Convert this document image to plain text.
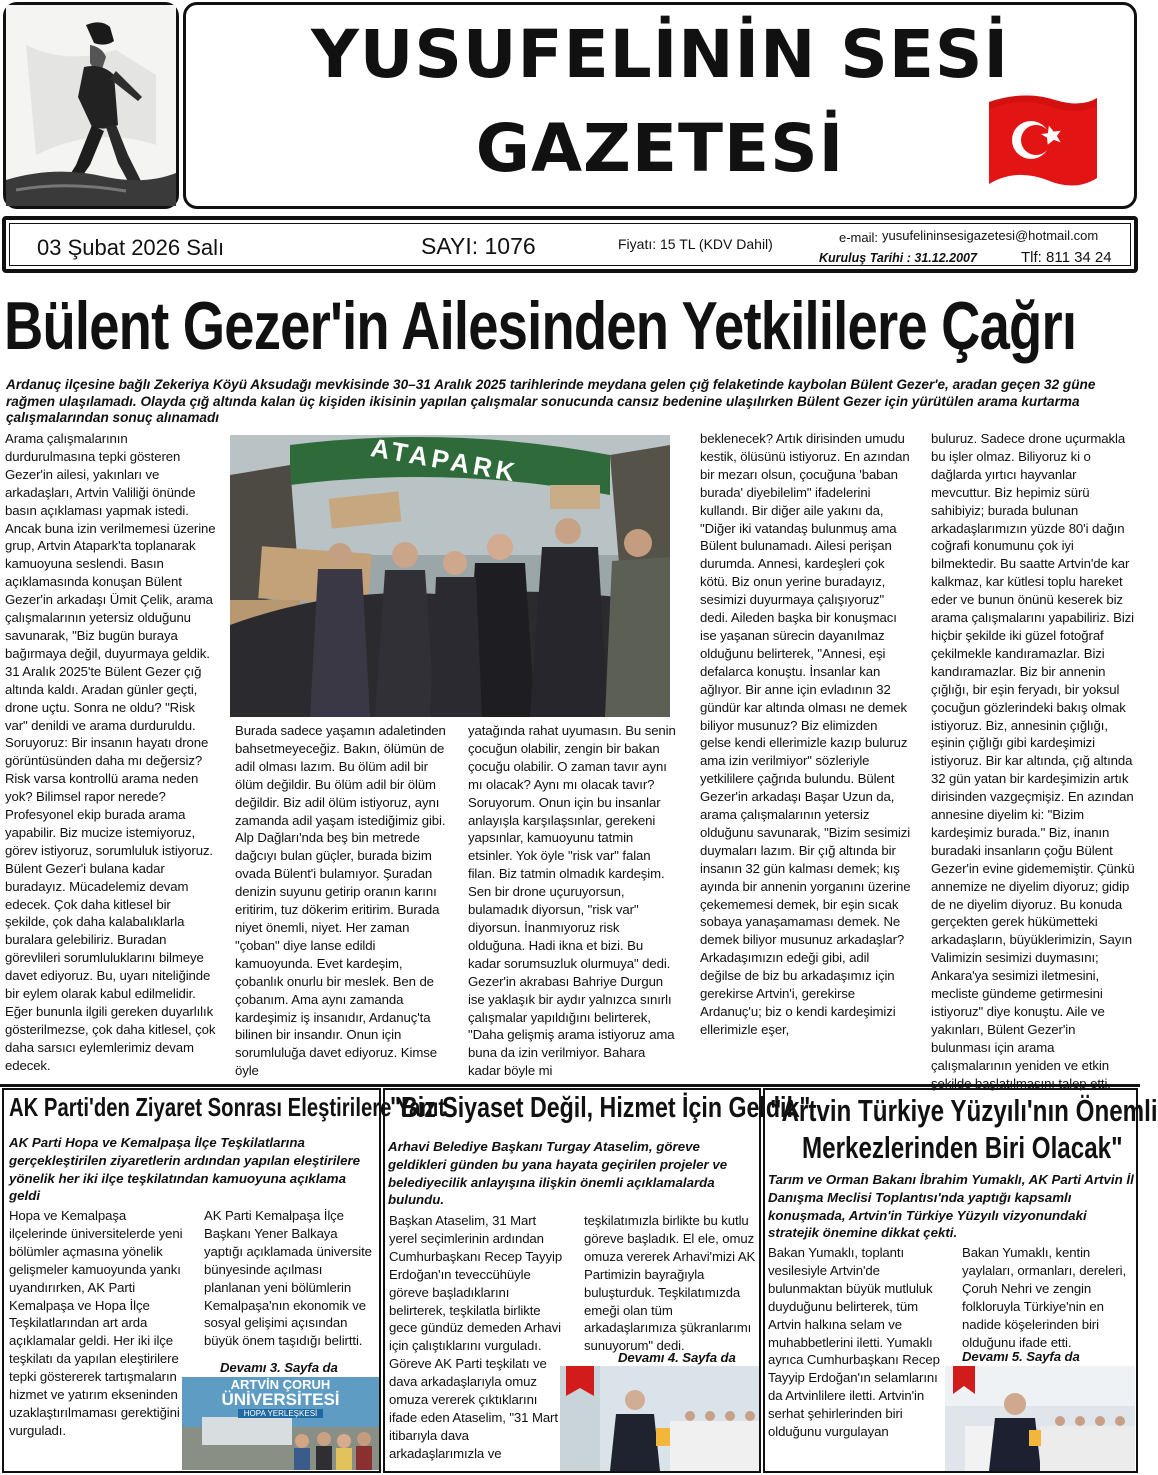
YUSUFELİNİN SESİ
GAZETESİ
03 Şubat 2026 Salı	SAYI: 1076	Fiyatı: 15 TL (KDV Dahil)	e-mail: yusufelininsesigazetesi@hotmail.com
Kuruluş Tarihi : 31.12.2007	Tlf: 811 34 24
Bülent Gezer'in Ailesinden Yetkililere Çağrı
Ardanuç ilçesine bağlı Zekeriya Köyü Aksudağı mevkisinde 30–31 Aralık 2025 tarihlerinde meydana gelen çığ felaketinde kaybolan Bülent Gezer'e, aradan geçen 32 güne rağmen ulaşılamadı. Olayda çığ altında kalan üç kişiden ikisinin yapılan çalışmalar sonucunda cansız bedenine ulaşılırken Bülent Gezer için yürütülen arama kurtarma çalışmalarından sonuç alınamadı
ATAPARK
Arama çalışmalarının durdurulmasına tepki gösteren Gezer'in ailesi, yakınları ve arkadaşları, Artvin Valiliği önünde basın açıklaması yapmak istedi. Ancak buna izin verilmemesi üzerine grup, Artvin Atapark'ta toplanarak kamuoyuna seslendi. Basın açıklamasında konuşan Bülent Gezer'in arkadaşı Ümit Çelik, arama çalışmalarının yetersiz olduğunu savunarak, "Biz bugün buraya bağırmaya değil, duyurmaya geldik. 31 Aralık 2025'te Bülent Gezer çığ altında kaldı. Aradan günler geçti, drone uçtu. Sonra ne oldu? "Risk var" denildi ve arama durduruldu. Soruyoruz: Bir insanın hayatı drone görüntüsünden daha mı değersiz? Risk varsa kontrollü arama neden yok? Bilimsel rapor nerede? Profesyonel ekip burada arama yapabilir. Biz mucize istemiyoruz, görev istiyoruz, sorumluluk istiyoruz. Bülent Gezer'i bulana kadar buradayız. Mücadelemiz devam edecek. Çok daha kitlesel bir şekilde, çok daha kalabalıklarla buralara gelebiliriz. Buradan görevlileri sorumluluklarını bilmeye davet ediyoruz. Bu, uyarı niteliğinde bir eylem olarak kabul edilmelidir. Eğer bununla ilgili gereken duyarlılık gösterilmezse, çok daha kitlesel, çok daha sarsıcı eylemlerimiz devam edecek.
Burada sadece yaşamın adaletinden bahsetmeyeceğiz. Bakın, ölümün de adil olması lazım. Bu ölüm adil bir ölüm değildir. Bu ölüm adil bir ölüm değildir. Biz adil ölüm istiyoruz, aynı zamanda adil yaşam istediğimiz gibi. Alp Dağları'nda beş bin metrede dağcıyı bulan güçler, burada bizim ovada Bülent'i bulamıyor. Şuradan denizin suyunu getirip oranın karını eritirim, tuz dökerim eritirim. Burada niyet önemli, niyet. Her zaman "çoban" diye lanse edildi kamuoyunda. Evet kardeşim, çobanlık onurlu bir meslek. Ben de çobanım. Ama aynı zamanda kardeşimiz iş insanıdır, Ardanuç'ta bilinen bir insandır. Onun için sorumluluğa davet ediyoruz. Kimse öyle
yatağında rahat uyumasın. Bu senin çocuğun olabilir, zengin bir bakan çocuğu olabilir. O zaman tavır aynı mı olacak? Aynı mı olacak tavır? Soruyorum. Onun için bu insanlar anlayışla karşılaşsınlar, gerekeni yapsınlar, kamuoyunu tatmin etsinler. Yok öyle "risk var" falan filan. Biz tatmin olmadık kardeşim. Sen bir drone uçuruyorsun, bulamadık diyorsun, "risk var" diyorsun. İnanmıyoruz risk olduğuna. Hadi ikna et bizi. Bu kadar sorumsuzluk olurmuya" dedi. Gezer'in akrabası Bahriye Durgun ise yaklaşık bir aydır yalnızca sınırlı çalışmalar yapıldığını belirterek, "Daha gelişmiş arama istiyoruz ama buna da izin verilmiyor. Bahara kadar böyle mi
beklenecek? Artık dirisinden umudu kestik, ölüsünü istiyoruz. En azından bir mezarı olsun, çocuğuna 'baban burada' diyebilelim" ifadelerini kullandı. Bir diğer aile yakını da, "Diğer iki vatandaş bulunmuş ama Bülent bulunamadı. Ailesi perişan durumda. Annesi, kardeşleri çok kötü. Biz onun yerine buradayız, sesimizi duyurmaya çalışıyoruz" dedi. Aileden başka bir konuşmacı ise yaşanan sürecin dayanılmaz olduğunu belirterek, "Annesi, eşi defalarca konuştu. İnsanlar kan ağlıyor. Bir anne için evladının 32 gündür kar altında olması ne demek biliyor musunuz? Biz elimizden gelse kendi ellerimizle kazıp buluruz ama izin verilmiyor" sözleriyle yetkililere çağrıda bulundu. Bülent Gezer'in arkadaşı Başar Uzun da, arama çalışmalarının yetersiz olduğunu savunarak, "Bizim sesimizi duymaları lazım. Bir çığ altında bir insanın 32 gün kalması demek; kış ayında bir annenin yorganını üzerine çekememesi demek, bir eşin sıcak sobaya yanaşamaması demek. Ne demek biliyor musunuz arkadaşlar? Arkadaşımızın edeği gibi, adil değilse de biz bu arkadaşımız için gerekirse Artvin'i, gerekirse Ardanuç'u; biz o kendi kardeşimizi ellerimizle eşer,
buluruz. Sadece drone uçurmakla bu işler olmaz. Biliyoruz ki o dağlarda yırtıcı hayvanlar mevcuttur. Biz hepimiz sürü sahibiyiz; burada bulunan arkadaşlarımızın yüzde 80'i dağın coğrafi konumunu çok iyi bilmektedir. Bu saatte Artvin'de kar kalkmaz, kar kütlesi toplu hareket eder ve bunun önünü keserek biz arama çalışmalarını yapabiliriz. Bizi hiçbir şekilde iki güzel fotoğraf çekilmekle kandıramazlar. Bizi kandıramazlar. Biz bir annenin çığlığı, bir eşin feryadı, bir yoksul çocuğun gözlerindeki bakış olmak istiyoruz. Biz, annesinin çığlığı, eşinin çığlığı gibi kardeşimizi istiyoruz. Bir kar altında, çığ altında 32 gün yatan bir kardeşimizin artık dirisinden vazgeçmişiz. En azından annesine diyelim ki: "Bizim kardeşimiz burada." Biz, inanın buradaki insanların çoğu Bülent Gezer'in evine gidememiştir. Çünkü annemize ne diyelim diyoruz; gidip de ne diyelim diyoruz. Bu konuda gerçekten gerek hükümetteki arkadaşların, büyüklerimizin, Sayın Valimizin sesimizi duymasını; Ankara'ya sesimizi iletmesini, mecliste gündeme getirmesini istiyoruz" diye konuştu. Aile ve yakınları, Bülent Gezer'in bulunması için arama çalışmalarının yeniden ve etkin
AK Parti'den Ziyaret Sonrası Eleştirilere Yanıt
AK Parti Hopa ve Kemalpaşa İlçe Teşkilatlarına gerçekleştirilen ziyaretlerin ardından yapılan eleştirilere yönelik her iki ilçe teşkilatından kamuoyuna açıklama geldi
Hopa ve Kemalpaşa ilçelerinde üniversitelerde yeni bölümler açmasına yönelik gelişmeler kamuoyunda yankı uyandırırken, AK Parti Kemalpaşa ve Hopa İlçe Teşkilatlarından art arda açıklamalar geldi. Her iki ilçe teşkilatı da yapılan eleştirilere tepki göstererek tartışmaların hizmet ve yatırım ekseninden uzaklaştırılmaması gerektiğini vurguladı.
AK Parti Kemalpaşa İlçe Başkanı Yener Balkaya yaptığı açıklamada üniversite bünyesinde açılması planlanan yeni bölümlerin Kemalpaşa'nın ekonomik ve sosyal gelişimi açısından büyük önem taşıdığı belirtti.
Devamı 3. Sayfa da
ARTVİN ÇORUH
ÜNİVERSİTESİ
HOPA YERLEŞKESİ
"Biz Siyaset Değil, Hizmet İçin Geldik"
Arhavi Belediye Başkanı Turgay Ataselim, göreve geldikleri günden bu yana hayata geçirilen projeler ve belediyecilik anlayışına ilişkin önemli açıklamalarda bulundu.
Başkan Ataselim, 31 Mart yerel seçimlerinin ardından Cumhurbaşkanı Recep Tayyip Erdoğan'ın teveccühüyle göreve başladıklarını belirterek, teşkilatla birlikte gece gündüz demeden Arhavi için çalıştıklarını vurguladı. Göreve AK Parti teşkilatı ve dava arkadaşlarıyla omuz omuza vererek çıktıklarını ifade eden Ataselim, "31 Mart itibarıyla dava arkadaşlarımızla ve
teşkilatımızla birlikte bu kutlu göreve başladık. El ele, omuz omuza vererek Arhavi'mizi AK Partimizin bayrağıyla buluşturduk. Teşkilatımızda emeği olan tüm arkadaşlarımıza şükranlarımı sunuyorum" dedi.
Devamı 4. Sayfa da
"Artvin Türkiye Yüzyılı'nın Önemli
Merkezlerinden Biri Olacak"
Tarım ve Orman Bakanı İbrahim Yumaklı, AK Parti Artvin İl Danışma Meclisi Toplantısı'nda yaptığı kapsamlı konuşmada, Artvin'in Türkiye Yüzyılı vizyonundaki stratejik önemine dikkat çekti.
Bakan Yumaklı, toplantı vesilesiyle Artvin'de bulunmaktan büyük mutluluk duyduğunu belirterek, tüm Artvin halkına selam ve muhabbetlerini iletti. Yumaklı ayrıca Cumhurbaşkanı Recep Tayyip Erdoğan'ın selamlarını da Artvinlilere iletti. Artvin'in serhat şehirlerinden biri olduğunu vurgulayan
Bakan Yumaklı, kentin yaylaları, ormanları, dereleri, Çoruh Nehri ve zengin folkloruyla Türkiye'nin en nadide köşelerinden biri olduğunu ifade etti.
Devamı 5. Sayfa da
